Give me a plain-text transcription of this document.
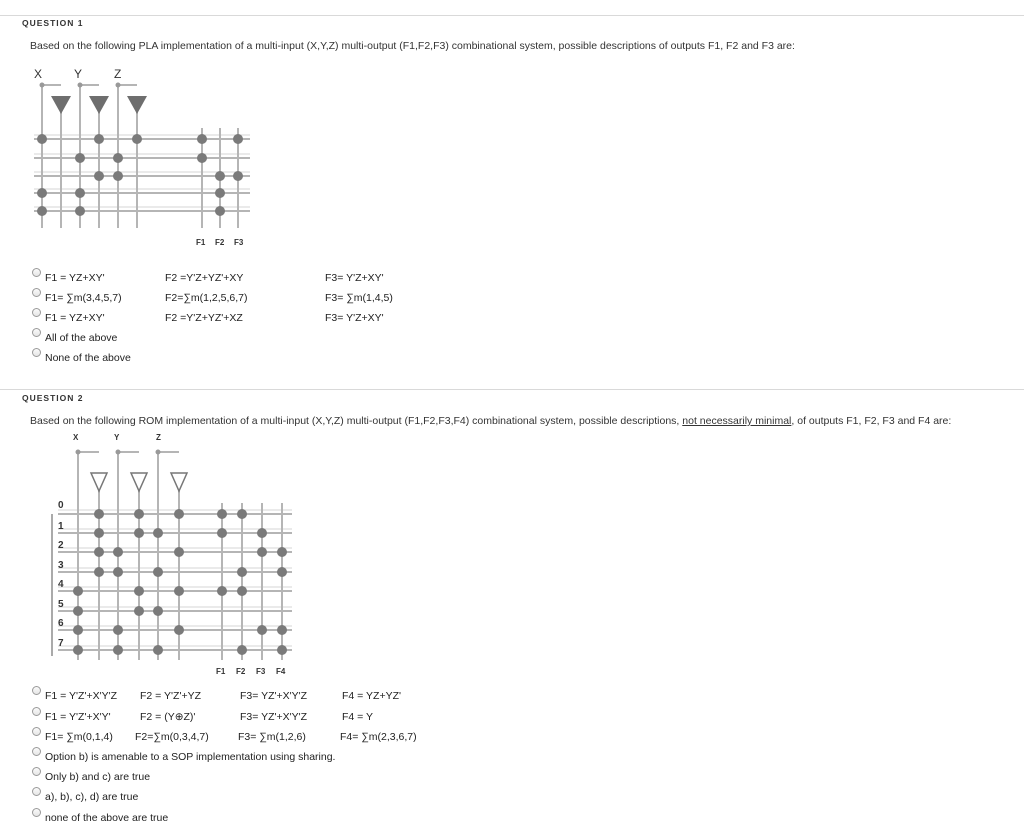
QUESTION 1
Based on the following PLA implementation of a multi-input (X,Y,Z) multi-output (F1,F2,F3) combinational system, possible descriptions of outputs F1, F2 and F3 are:
X	Y	Z
F1 F2 F3
F1 = YZ+XY'	F2 =Y'Z+YZ'+XY	F3= Y'Z+XY'
F1= ∑m(3,4,5,7)	F2=∑m(1,2,5,6,7)	F3= ∑m(1,4,5)
F1 = YZ+XY'	F2 =Y'Z+YZ'+XZ	F3= Y'Z+XY'
All of the above
None of the above
QUESTION 2
Based on the following ROM implementation of a multi-input (X,Y,Z) multi-output (F1,F2,F3,F4) combinational system, possible descriptions, not necessarily minimal, of outputs F1, F2, F3 and F4 are:
X	Y	Z
0
1
2
3
4
5
6
7
F1 F2 F3 F4
F1 = Y'Z'+X'Y'Z F2 = Y'Z'+YZ	F3= YZ'+X'Y'Z	F4 = YZ+YZ'
F1 = Y'Z'+X'Y'	F2 = (Y⊕Z)'	F3= YZ'+X'Y'Z	F4 = Y
F1= ∑m(0,1,4) F2=∑m(0,3,4,7)	F3= ∑m(1,2,6)	F4= ∑m(2,3,6,7)
Option b) is amenable to a SOP implementation using sharing.
Only b) and c) are true
a), b), c), d) are true
none of the above are true
